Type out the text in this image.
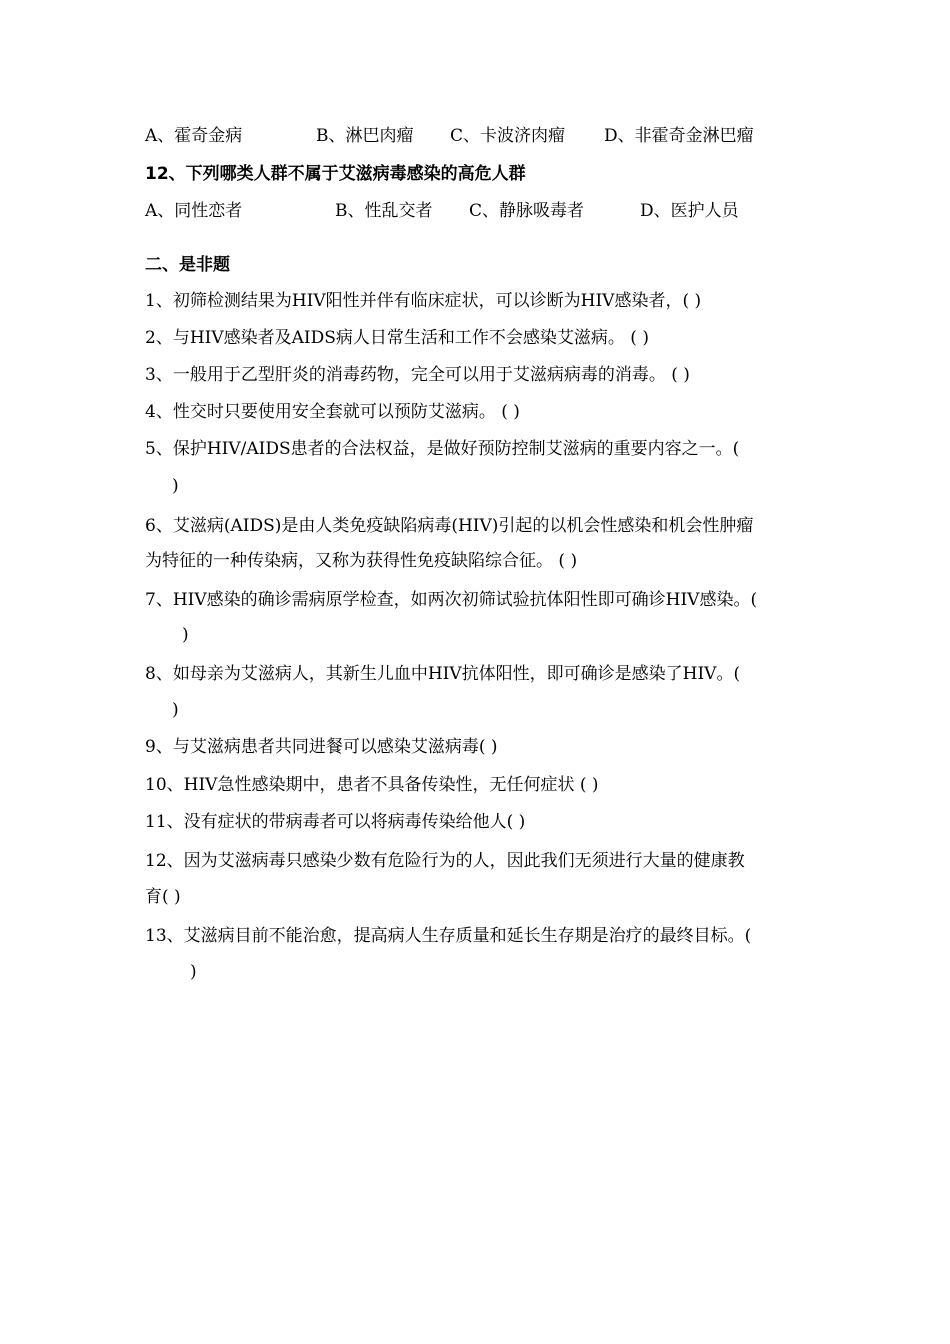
A、霍奇金病	B、淋巴肉瘤 C、卡波济肉瘤 D、非霍奇金淋巴瘤
12、下列哪类人群不属于艾滋病毒感染的高危人群
A、同性恋者	B、性乱交者 C、静脉吸毒者	D、医护人员
二、是非题
1、初筛检测结果为HIV阳性并伴有临床症状，可以诊断为HIV感染者，( )
2、与HIV感染者及AIDS病人日常生活和工作不会感染艾滋病。 ( )
3、一般用于乙型肝炎的消毒药物，完全可以用于艾滋病病毒的消毒。 ( )
4、性交时只要使用安全套就可以预防艾滋病。 ( )
5、保护HIV/AIDS患者的合法权益，是做好预防控制艾滋病的重要内容之一。(
)
6、艾滋病(AIDS)是由人类免疫缺陷病毒(HIV)引起的以机会性感染和机会性肿瘤
为特征的一种传染病，又称为获得性免疫缺陷综合征。 ( )
7、HIV感染的确诊需病原学检查，如两次初筛试验抗体阳性即可确诊HIV感染。(
)
8、如母亲为艾滋病人，其新生儿血中HIV抗体阳性，即可确诊是感染了HIV。(
)
9、与艾滋病患者共同进餐可以感染艾滋病毒( )
10、HIV急性感染期中，患者不具备传染性，无任何症状 ( )
11、没有症状的带病毒者可以将病毒传染给他人( )
12、因为艾滋病毒只感染少数有危险行为的人，因此我们无须进行大量的健康教
育( )
13、艾滋病目前不能治愈，提高病人生存质量和延长生存期是治疗的最终目标。(
)
